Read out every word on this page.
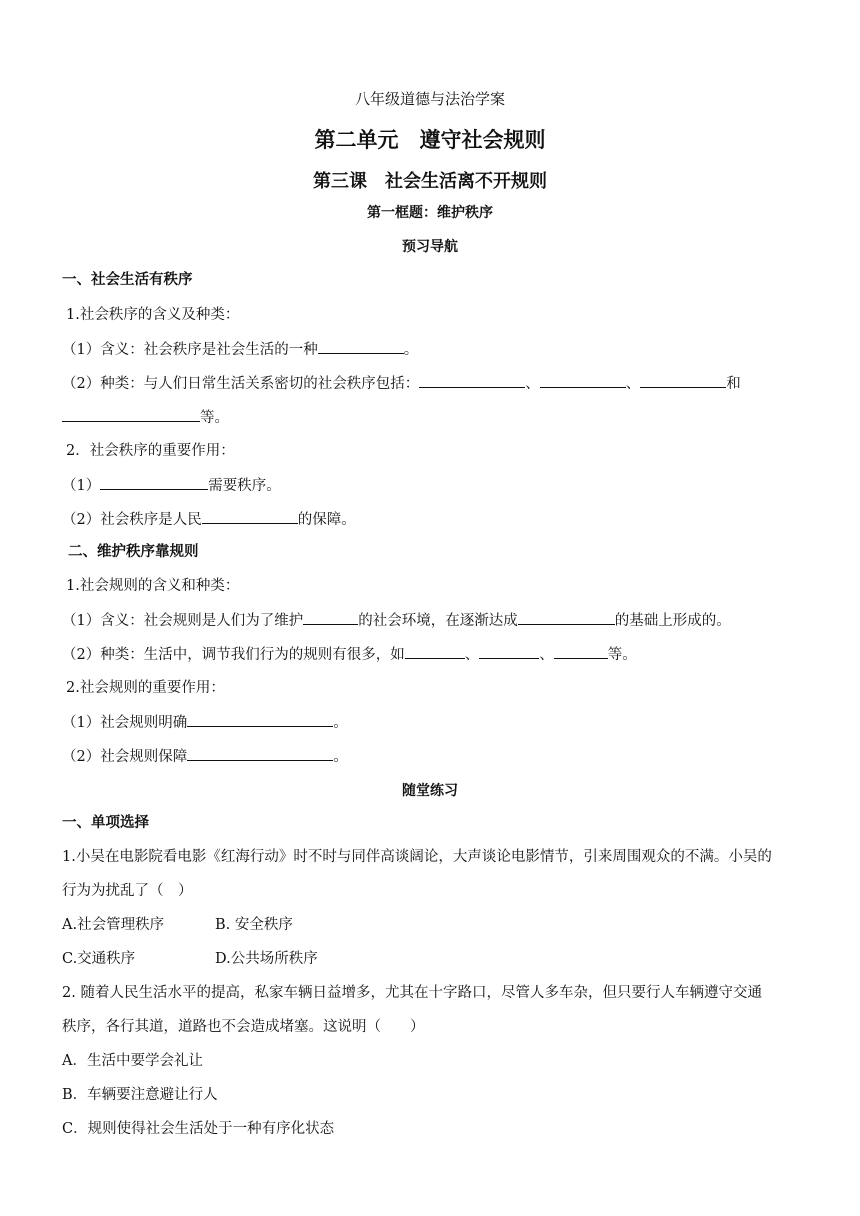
八年级道德与法治学案
第二单元　遵守社会规则
第三课　社会生活离不开规则
第一框题：维护秩序
预习导航
一、社会生活有秩序
1.社会秩序的含义及种类：
（1）含义：社会秩序是社会生活的一种	。
（2）种类：与人们日常生活关系密切的社会秩序包括：	、	、	和
等。
2．社会秩序的重要作用：
（1）	需要秩序。
（2）社会秩序是人民	的保障。
二、维护秩序靠规则
1.社会规则的含义和种类：
（1）含义：社会规则是人们为了维护	的社会环境，在逐渐达成	的基础上形成的。
（2）种类：生活中，调节我们行为的规则有很多，如	、	、	等。
2.社会规则的重要作用：
（1）社会规则明确	。
（2）社会规则保障	。
随堂练习
一、单项选择
1.小吴在电影院看电影《红海行动》时不时与同伴高谈阔论，大声谈论电影情节，引来周围观众的不满。小吴的
行为为扰乱了（　）
A.社会管理秩序	B. 安全秩序
C.交通秩序	D.公共场所秩序
2. 随着人民生活水平的提高，私家车辆日益增多，尤其在十字路口，尽管人多车杂，但只要行人车辆遵守交通
秩序，各行其道，道路也不会造成堵塞。这说明（　　）
A．生活中要学会礼让
B．车辆要注意避让行人
C．规则使得社会生活处于一种有序化状态
